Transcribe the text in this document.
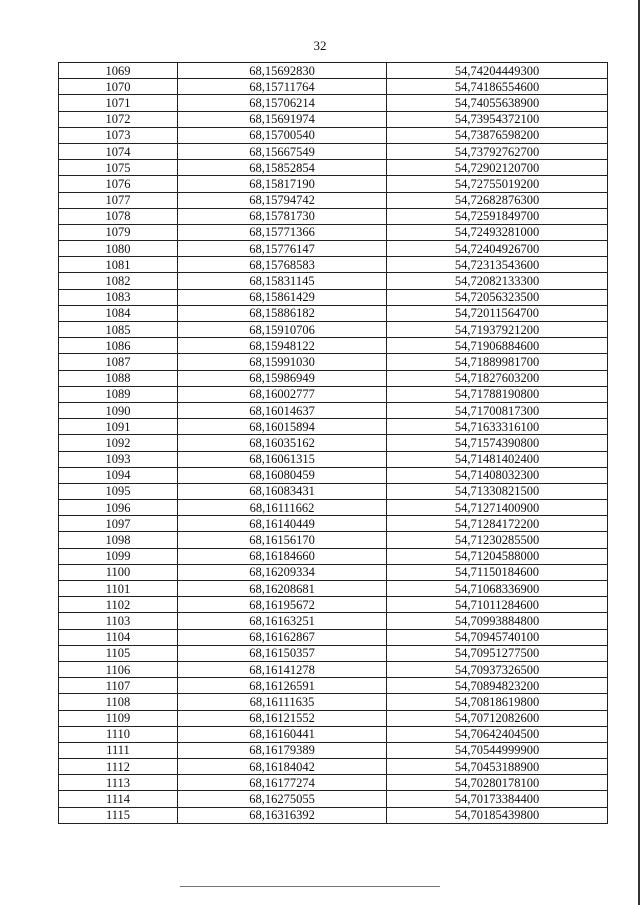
32
1069	68,15692830	54,74204449300
1070	68,15711764	54,74186554600
1071	68,15706214	54,74055638900
1072	68,15691974	54,73954372100
1073	68,15700540	54,73876598200
1074	68,15667549	54,73792762700
1075	68,15852854	54,72902120700
1076	68,15817190	54,72755019200
1077	68,15794742	54,72682876300
1078	68,15781730	54,72591849700
1079	68,15771366	54,72493281000
1080	68,15776147	54,72404926700
1081	68,15768583	54,72313543600
1082	68,15831145	54,72082133300
1083	68,15861429	54,72056323500
1084	68,15886182	54,72011564700
1085	68,15910706	54,71937921200
1086	68,15948122	54,71906884600
1087	68,15991030	54,71889981700
1088	68,15986949	54,71827603200
1089	68,16002777	54,71788190800
1090	68,16014637	54,71700817300
1091	68,16015894	54,71633316100
1092	68,16035162	54,71574390800
1093	68,16061315	54,71481402400
1094	68,16080459	54,71408032300
1095	68,16083431	54,71330821500
1096	68,16111662	54,71271400900
1097	68,16140449	54,71284172200
1098	68,16156170	54,71230285500
1099	68,16184660	54,71204588000
1100	68,16209334	54,71150184600
1101	68,16208681	54,71068336900
1102	68,16195672	54,71011284600
1103	68,16163251	54,70993884800
1104	68,16162867	54,70945740100
1105	68,16150357	54,70951277500
1106	68,16141278	54,70937326500
1107	68,16126591	54,70894823200
1108	68,16111635	54,70818619800
1109	68,16121552	54,70712082600
1110	68,16160441	54,70642404500
1111	68,16179389	54,70544999900
1112	68,16184042	54,70453188900
1113	68,16177274	54,70280178100
1114	68,16275055	54,70173384400
1115	68,16316392	54,70185439800
